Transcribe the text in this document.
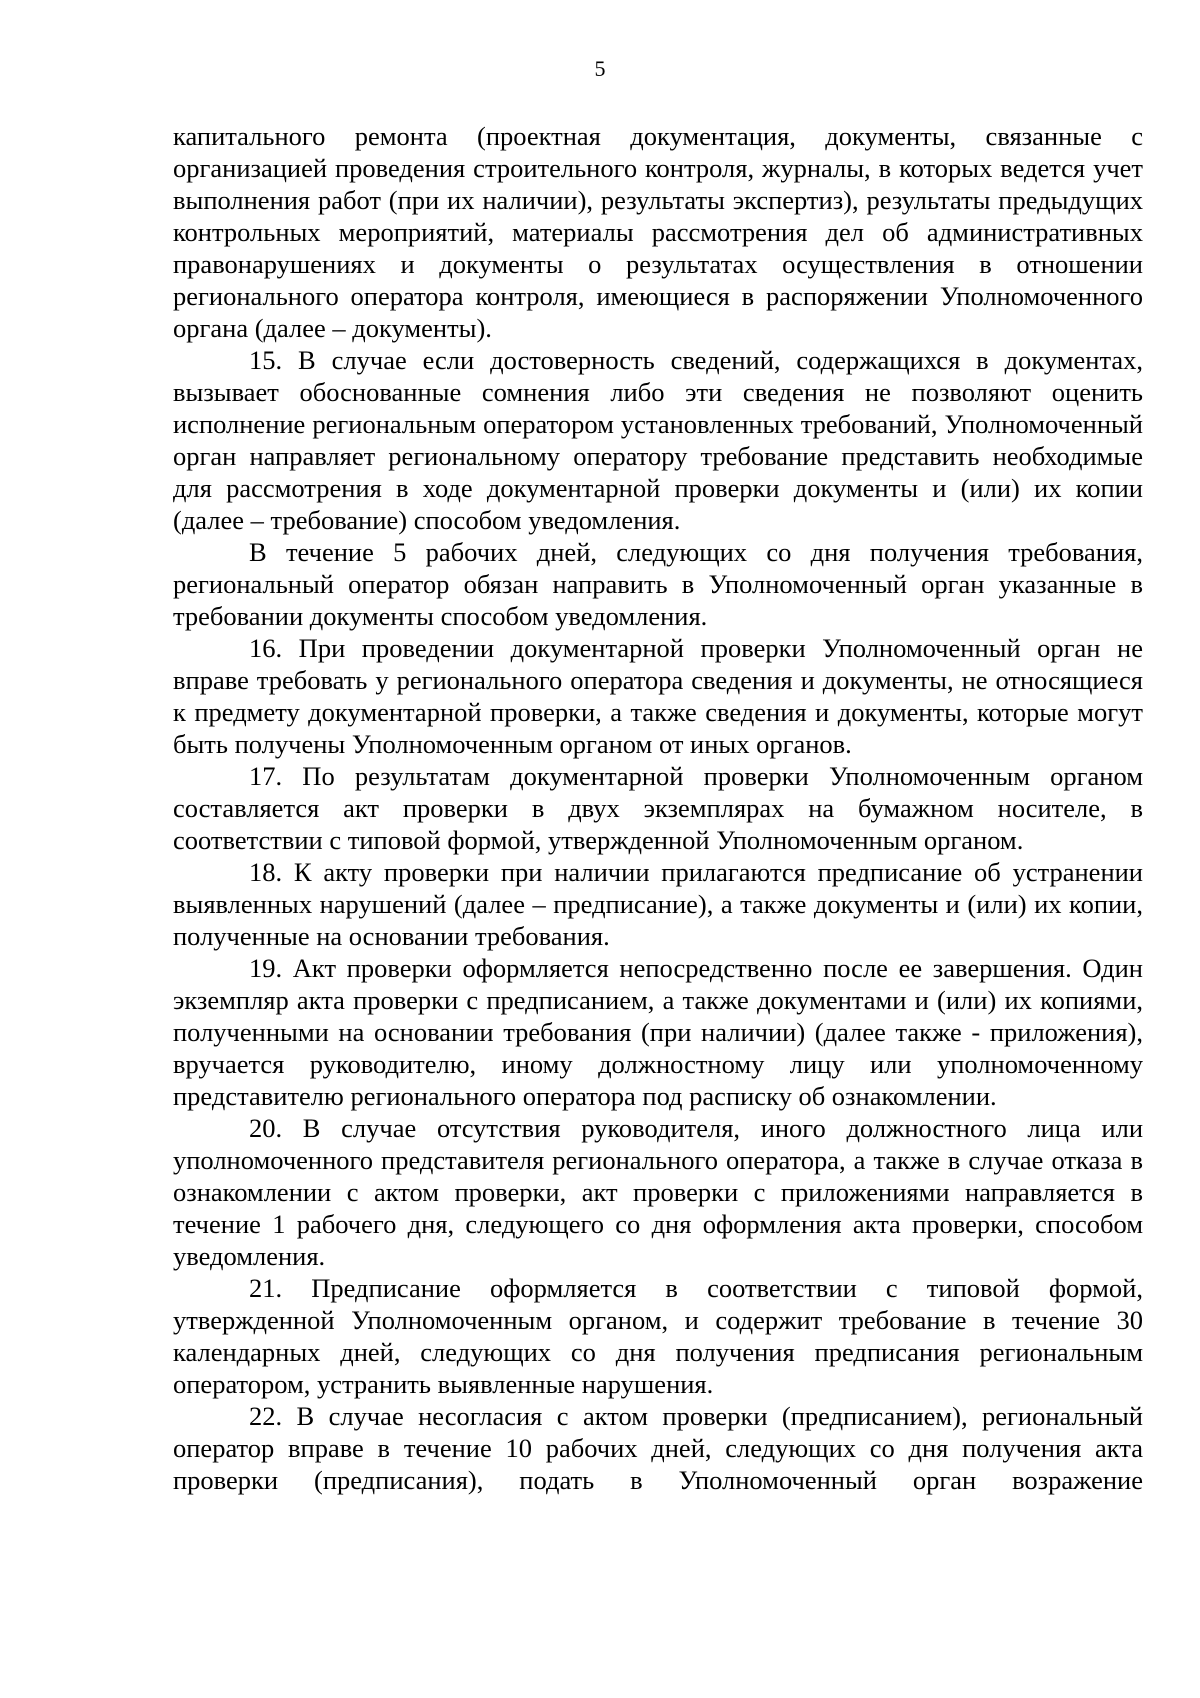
5

капитального ремонта (проектная документация, документы, связанные с организацией проведения строительного контроля, журналы, в которых ведется учет выполнения работ (при их наличии), результаты экспертиз), результаты предыдущих контрольных мероприятий, материалы рассмотрения дел об административных правонарушениях и документы о результатах осуществления в отношении регионального оператора контроля, имеющиеся в распоряжении Уполномоченного органа (далее – документы).

15. В случае если достоверность сведений, содержащихся в документах, вызывает обоснованные сомнения либо эти сведения не позволяют оценить исполнение региональным оператором установленных требований, Уполномоченный орган направляет региональному оператору требование представить необходимые для рассмотрения в ходе документарной проверки документы и (или) их копии (далее – требование) способом уведомления.

В течение 5 рабочих дней, следующих со дня получения требования, региональный оператор обязан направить в Уполномоченный орган указанные в требовании документы способом уведомления.

16. При проведении документарной проверки Уполномоченный орган не вправе требовать у регионального оператора сведения и документы, не относящиеся к предмету документарной проверки, а также сведения и документы, которые могут быть получены Уполномоченным органом от иных органов.

17. По результатам документарной проверки Уполномоченным органом составляется акт проверки в двух экземплярах на бумажном носителе, в соответствии с типовой формой, утвержденной Уполномоченным органом.

18. К акту проверки при наличии прилагаются предписание об устранении выявленных нарушений (далее – предписание), а также документы и (или) их копии, полученные на основании требования.

19. Акт проверки оформляется непосредственно после ее завершения. Один экземпляр акта проверки с предписанием, а также документами и (или) их копиями, полученными на основании требования (при наличии) (далее также - приложения), вручается руководителю, иному должностному лицу или уполномоченному представителю регионального оператора под расписку об ознакомлении.

20. В случае отсутствия руководителя, иного должностного лица или уполномоченного представителя регионального оператора, а также в случае отказа в ознакомлении с актом проверки, акт проверки с приложениями направляется в течение 1 рабочего дня, следующего со дня оформления акта проверки, способом уведомления.

21. Предписание оформляется в соответствии с типовой формой, утвержденной Уполномоченным органом, и содержит требование в течение 30 календарных дней, следующих со дня получения предписания региональным оператором, устранить выявленные нарушения.

22. В случае несогласия с актом проверки (предписанием), региональный оператор вправе в течение 10 рабочих дней, следующих со дня получения акта проверки (предписания), подать в Уполномоченный орган возражение
